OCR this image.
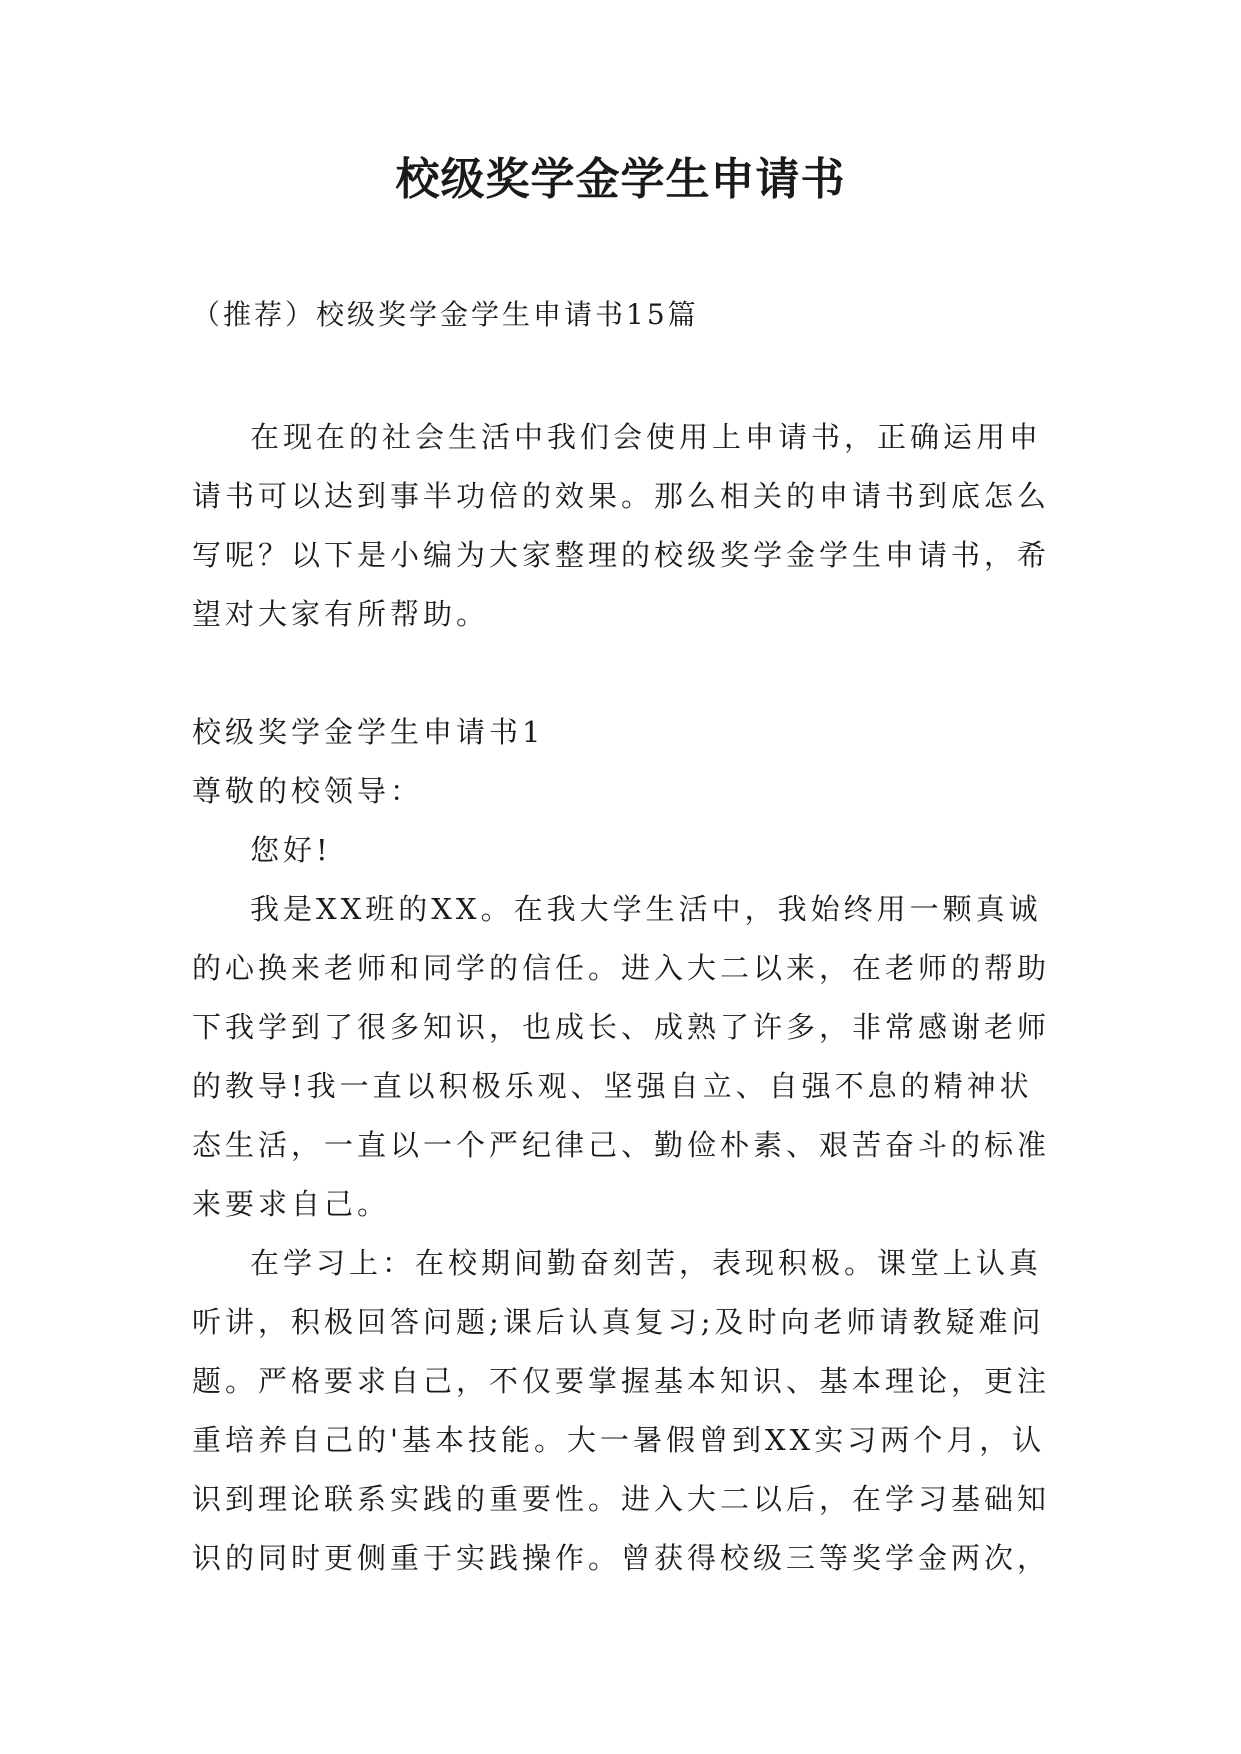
校级奖学金学生申请书

（推荐）校级奖学金学生申请书15篇

在现在的社会生活中我们会使用上申请书，正确运用申请书可以达到事半功倍的效果。那么相关的申请书到底怎么写呢？以下是小编为大家整理的校级奖学金学生申请书，希望对大家有所帮助。

校级奖学金学生申请书1

尊敬的校领导：

您好!

我是XX班的XX。在我大学生活中，我始终用一颗真诚的心换来老师和同学的信任。进入大二以来，在老师的帮助下我学到了很多知识，也成长、成熟了许多，非常感谢老师的教导!我一直以积极乐观、坚强自立、自强不息的精神状态生活，一直以一个严纪律己、勤俭朴素、艰苦奋斗的标准来要求自己。

在学习上：在校期间勤奋刻苦，表现积极。课堂上认真听讲，积极回答问题;课后认真复习;及时向老师请教疑难问题。严格要求自己，不仅要掌握基本知识、基本理论，更注重培养自己的'基本技能。大一暑假曾到XX实习两个月，认识到理论联系实践的重要性。进入大二以后，在学习基础知识的同时更侧重于实践操作。曾获得校级三等奖学金两次，
